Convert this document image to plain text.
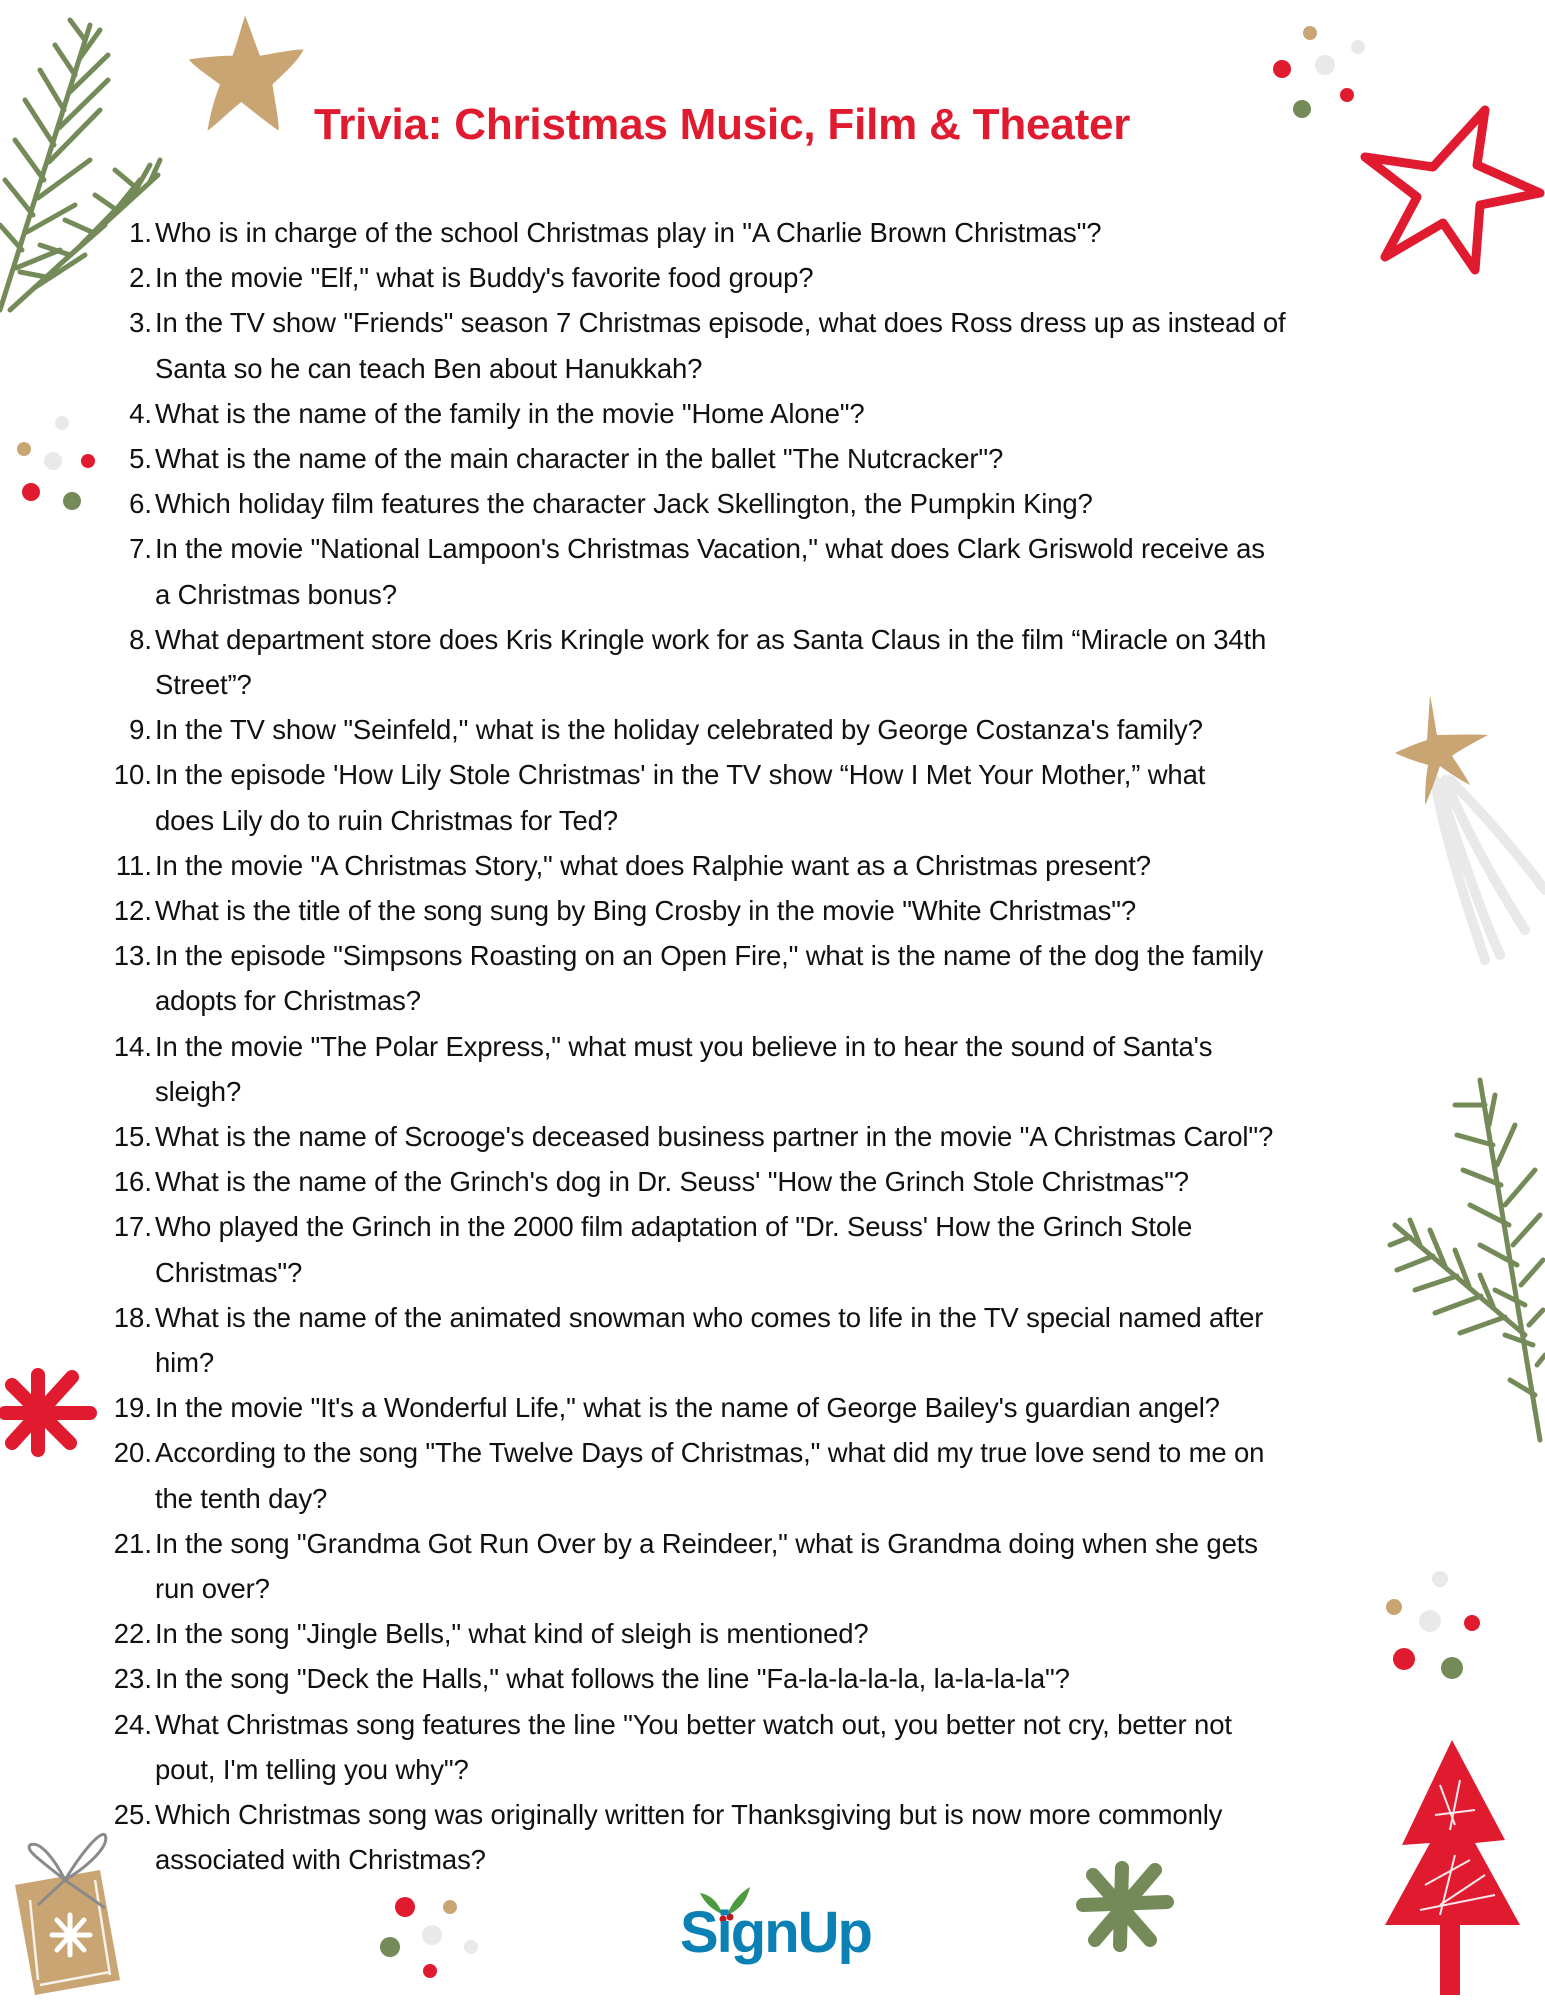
Trivia: Christmas Music, Film & Theater
SignUp
1. Who is in charge of the school Christmas play in "A Charlie Brown Christmas"?
2. In the movie "Elf," what is Buddy's favorite food group?
3. In the TV show "Friends" season 7 Christmas episode, what does Ross dress up as instead of
Santa so he can teach Ben about Hanukkah?
4. What is the name of the family in the movie "Home Alone"?
5. What is the name of the main character in the ballet "The Nutcracker"?
6. Which holiday film features the character Jack Skellington, the Pumpkin King?
7. In the movie "National Lampoon's Christmas Vacation," what does Clark Griswold receive as
a Christmas bonus?
8. What department store does Kris Kringle work for as Santa Claus in the film “Miracle on 34th
Street”?
9. In the TV show "Seinfeld," what is the holiday celebrated by George Costanza's family?
10. In the episode 'How Lily Stole Christmas' in the TV show “How I Met Your Mother,” what
does Lily do to ruin Christmas for Ted?
11. In the movie "A Christmas Story," what does Ralphie want as a Christmas present?
12. What is the title of the song sung by Bing Crosby in the movie "White Christmas"?
13. In the episode "Simpsons Roasting on an Open Fire," what is the name of the dog the family
adopts for Christmas?
14. In the movie "The Polar Express," what must you believe in to hear the sound of Santa's
sleigh?
15. What is the name of Scrooge's deceased business partner in the movie "A Christmas Carol"?
16. What is the name of the Grinch's dog in Dr. Seuss' "How the Grinch Stole Christmas"?
17. Who played the Grinch in the 2000 film adaptation of "Dr. Seuss' How the Grinch Stole
Christmas"?
18. What is the name of the animated snowman who comes to life in the TV special named after
him?
19. In the movie "It's a Wonderful Life," what is the name of George Bailey's guardian angel?
20. According to the song "The Twelve Days of Christmas," what did my true love send to me on
the tenth day?
21. In the song "Grandma Got Run Over by a Reindeer," what is Grandma doing when she gets
run over?
22. In the song "Jingle Bells," what kind of sleigh is mentioned?
23. In the song "Deck the Halls," what follows the line "Fa-la-la-la-la, la-la-la-la"?
24. What Christmas song features the line "You better watch out, you better not cry, better not
pout, I'm telling you why"?
25. Which Christmas song was originally written for Thanksgiving but is now more commonly
associated with Christmas?
